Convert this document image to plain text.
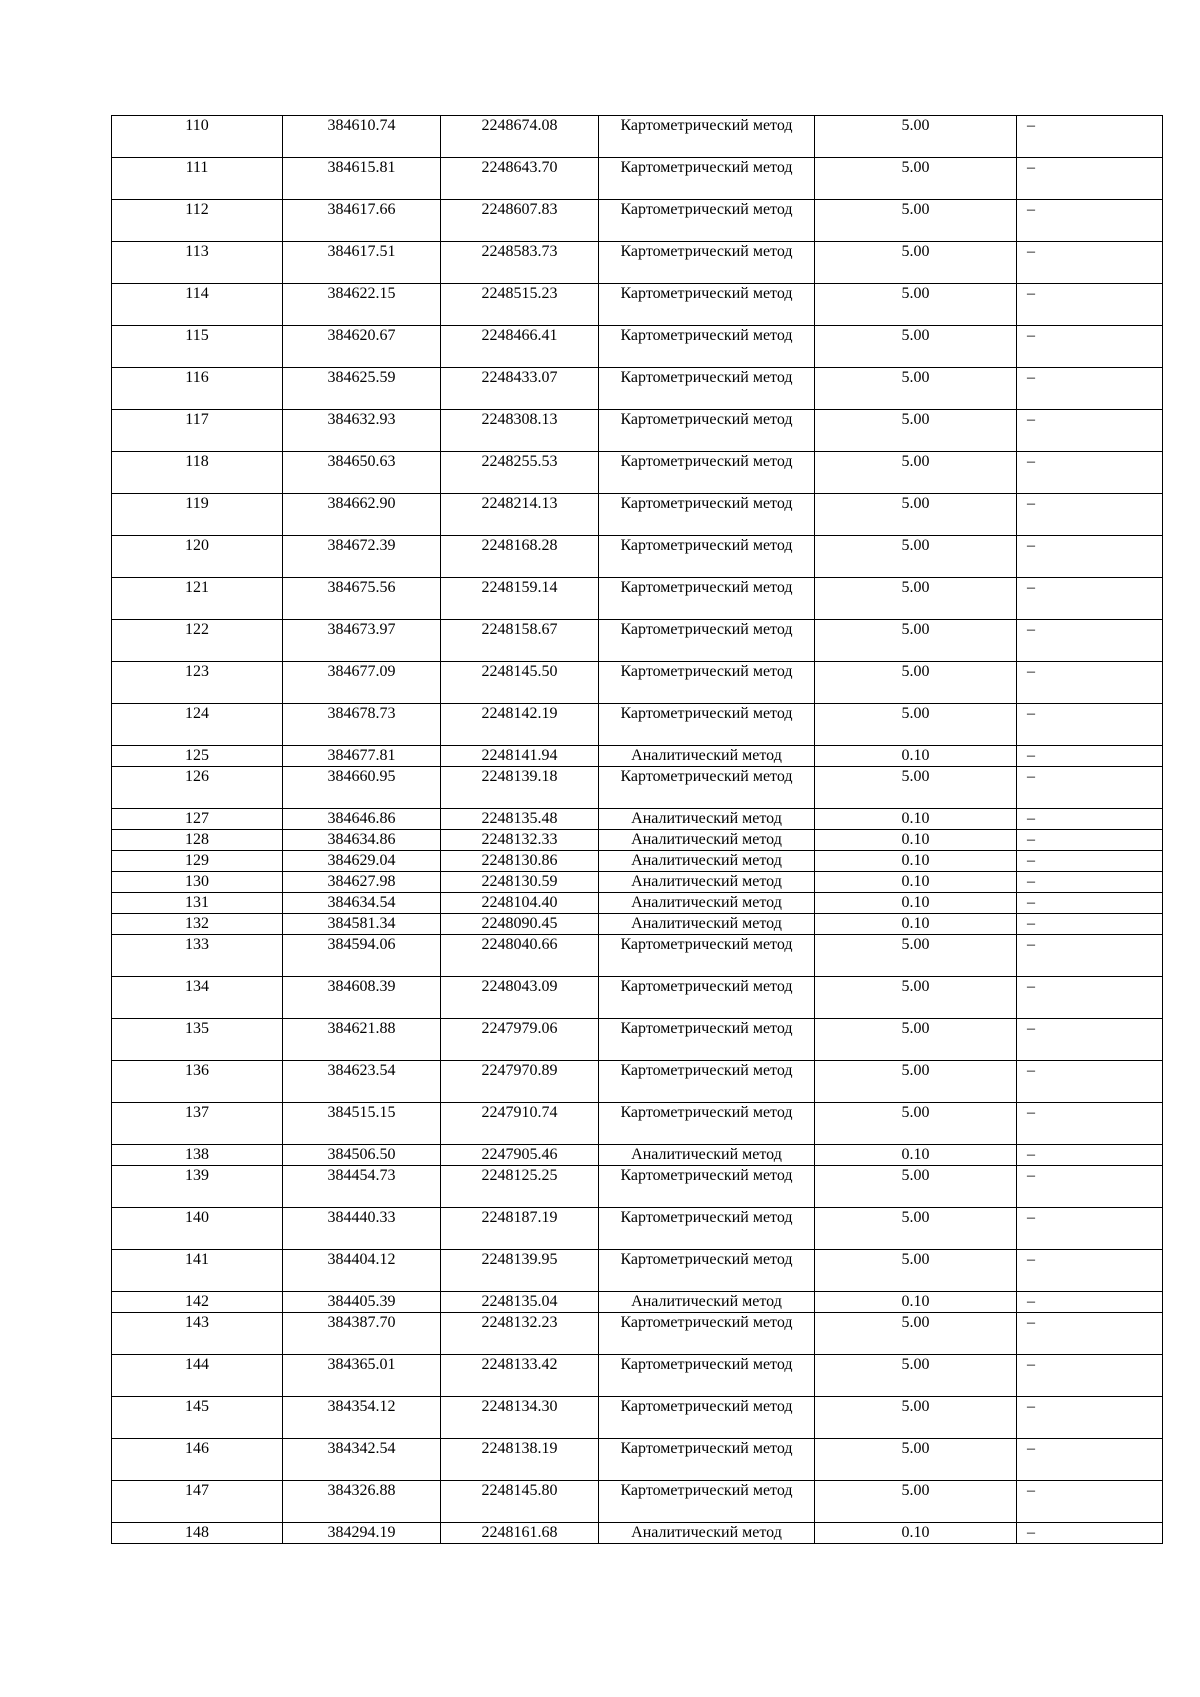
110	384610.74	2248674.08	Картометрический метод	5.00	–
111	384615.81	2248643.70	Картометрический метод	5.00	–
112	384617.66	2248607.83	Картометрический метод	5.00	–
113	384617.51	2248583.73	Картометрический метод	5.00	–
114	384622.15	2248515.23	Картометрический метод	5.00	–
115	384620.67	2248466.41	Картометрический метод	5.00	–
116	384625.59	2248433.07	Картометрический метод	5.00	–
117	384632.93	2248308.13	Картометрический метод	5.00	–
118	384650.63	2248255.53	Картометрический метод	5.00	–
119	384662.90	2248214.13	Картометрический метод	5.00	–
120	384672.39	2248168.28	Картометрический метод	5.00	–
121	384675.56	2248159.14	Картометрический метод	5.00	–
122	384673.97	2248158.67	Картометрический метод	5.00	–
123	384677.09	2248145.50	Картометрический метод	5.00	–
124	384678.73	2248142.19	Картометрический метод	5.00	–
125	384677.81	2248141.94	Аналитический метод	0.10	–
126	384660.95	2248139.18	Картометрический метод	5.00	–
127	384646.86	2248135.48	Аналитический метод	0.10	–
128	384634.86	2248132.33	Аналитический метод	0.10	–
129	384629.04	2248130.86	Аналитический метод	0.10	–
130	384627.98	2248130.59	Аналитический метод	0.10	–
131	384634.54	2248104.40	Аналитический метод	0.10	–
132	384581.34	2248090.45	Аналитический метод	0.10	–
133	384594.06	2248040.66	Картометрический метод	5.00	–
134	384608.39	2248043.09	Картометрический метод	5.00	–
135	384621.88	2247979.06	Картометрический метод	5.00	–
136	384623.54	2247970.89	Картометрический метод	5.00	–
137	384515.15	2247910.74	Картометрический метод	5.00	–
138	384506.50	2247905.46	Аналитический метод	0.10	–
139	384454.73	2248125.25	Картометрический метод	5.00	–
140	384440.33	2248187.19	Картометрический метод	5.00	–
141	384404.12	2248139.95	Картометрический метод	5.00	–
142	384405.39	2248135.04	Аналитический метод	0.10	–
143	384387.70	2248132.23	Картометрический метод	5.00	–
144	384365.01	2248133.42	Картометрический метод	5.00	–
145	384354.12	2248134.30	Картометрический метод	5.00	–
146	384342.54	2248138.19	Картометрический метод	5.00	–
147	384326.88	2248145.80	Картометрический метод	5.00	–
148	384294.19	2248161.68	Аналитический метод	0.10	–
